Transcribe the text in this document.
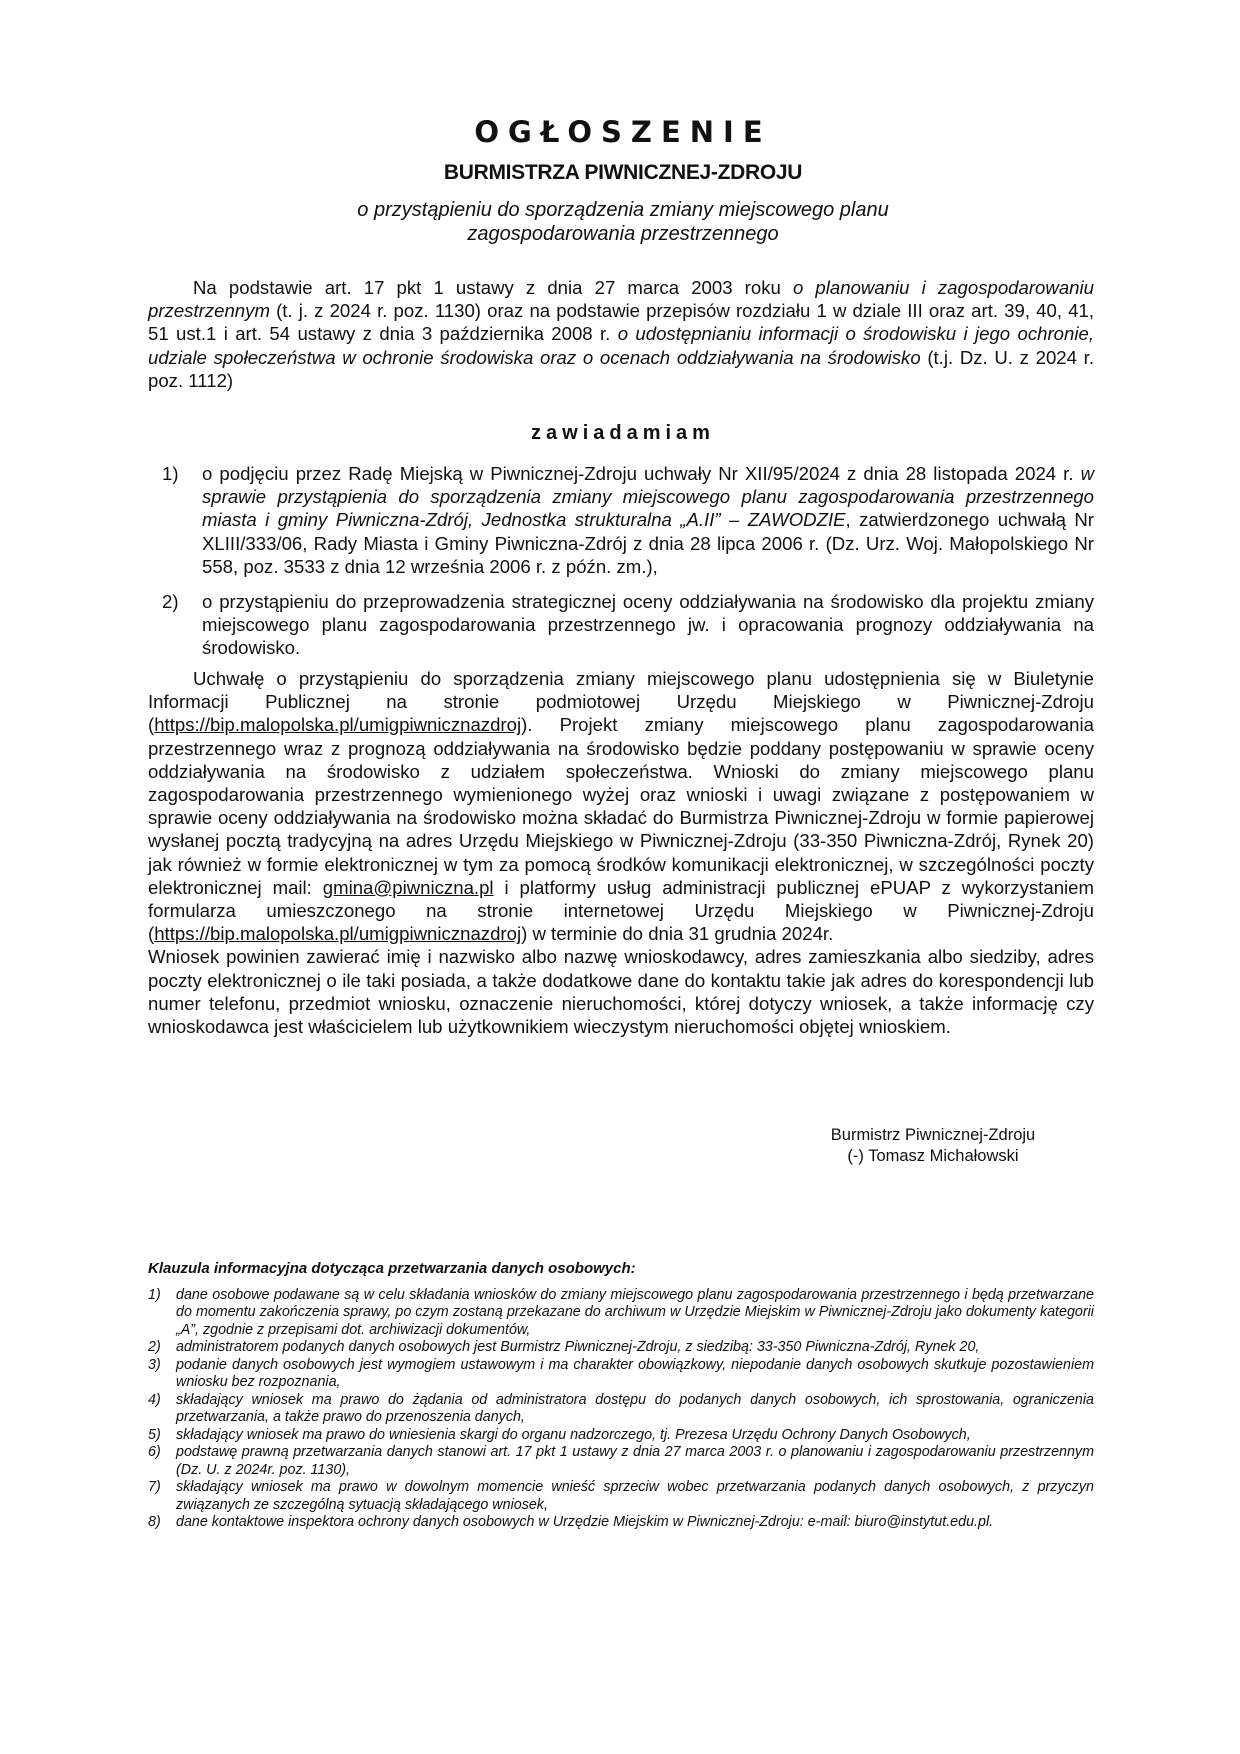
OGŁOSZENIE
BURMISTRZA PIWNICZNEJ-ZDROJU
o przystąpieniu do sporządzenia zmiany miejscowego planu
zagospodarowania przestrzennego
Na podstawie art. 17 pkt 1 ustawy z dnia 27 marca 2003 roku o planowaniu i zagospodarowaniu przestrzennym (t. j. z 2024 r. poz. 1130) oraz na podstawie przepisów rozdziału 1 w dziale III oraz art. 39, 40, 41, 51 ust.1 i art. 54 ustawy z dnia 3 października 2008 r. o udostępnianiu informacji o środowisku i jego ochronie, udziale społeczeństwa w ochronie środowiska oraz o ocenach oddziaływania na środowisko (t.j. Dz. U. z 2024 r. poz. 1112)
zawiadamiam
1)	o podjęciu przez Radę Miejską w Piwnicznej-Zdroju uchwały Nr XII/95/2024 z dnia 28 listopada 2024 r. w sprawie przystąpienia do sporządzenia zmiany miejscowego planu zagospodarowania przestrzennego miasta i gminy Piwniczna-Zdrój, Jednostka strukturalna „A.II” – ZAWODZIE, zatwierdzonego uchwałą Nr XLIII/333/06, Rady Miasta i Gminy Piwniczna-Zdrój z dnia 28 lipca 2006 r. (Dz. Urz. Woj. Małopolskiego Nr 558, poz. 3533 z dnia 12 września 2006 r. z późn. zm.),
2)	o przystąpieniu do przeprowadzenia strategicznej oceny oddziaływania na środowisko dla projektu zmiany miejscowego planu zagospodarowania przestrzennego jw. i opracowania prognozy oddziaływania na środowisko.
Uchwałę o przystąpieniu do sporządzenia zmiany miejscowego planu udostępnienia się w Biuletynie Informacji Publicznej na stronie podmiotowej Urzędu Miejskiego w Piwnicznej-Zdroju (https://bip.malopolska.pl/umigpiwnicznazdroj). Projekt zmiany miejscowego planu zagospodarowania przestrzennego wraz z prognozą oddziaływania na środowisko będzie poddany postępowaniu w sprawie oceny oddziaływania na środowisko z udziałem społeczeństwa. Wnioski do zmiany miejscowego planu zagospodarowania przestrzennego wymienionego wyżej oraz wnioski i uwagi związane z postępowaniem w sprawie oceny oddziaływania na środowisko można składać do Burmistrza Piwnicznej-Zdroju w formie papierowej wysłanej pocztą tradycyjną na adres Urzędu Miejskiego w Piwnicznej-Zdroju (33-350 Piwniczna-Zdrój, Rynek 20) jak również w formie elektronicznej w tym za pomocą środków komunikacji elektronicznej, w szczególności poczty elektronicznej mail: gmina@piwniczna.pl i platformy usług administracji publicznej ePUAP z wykorzystaniem formularza umieszczonego na stronie internetowej Urzędu Miejskiego w Piwnicznej-Zdroju (https://bip.malopolska.pl/umigpiwnicznazdroj) w terminie do dnia 31 grudnia 2024r.
Wniosek powinien zawierać imię i nazwisko albo nazwę wnioskodawcy, adres zamieszkania albo siedziby, adres poczty elektronicznej o ile taki posiada, a także dodatkowe dane do kontaktu takie jak adres do korespondencji lub numer telefonu, przedmiot wniosku, oznaczenie nieruchomości, której dotyczy wniosek, a także informację czy wnioskodawca jest właścicielem lub użytkownikiem wieczystym nieruchomości objętej wnioskiem.
Burmistrz Piwnicznej-Zdroju
(-) Tomasz Michałowski
Klauzula informacyjna dotycząca przetwarzania danych osobowych:
1)	dane osobowe podawane są w celu składania wniosków do zmiany miejscowego planu zagospodarowania przestrzennego i będą przetwarzane do momentu zakończenia sprawy, po czym zostaną przekazane do archiwum w Urzędzie Miejskim w Piwnicznej-Zdroju jako dokumenty kategorii „A”, zgodnie z przepisami dot. archiwizacji dokumentów,
2)	administratorem podanych danych osobowych jest Burmistrz Piwnicznej-Zdroju, z siedzibą: 33-350 Piwniczna-Zdrój, Rynek 20,
3)	podanie danych osobowych jest wymogiem ustawowym i ma charakter obowiązkowy, niepodanie danych osobowych skutkuje pozostawieniem wniosku bez rozpoznania,
4)	składający wniosek ma prawo do żądania od administratora dostępu do podanych danych osobowych, ich sprostowania, ograniczenia przetwarzania, a także prawo do przenoszenia danych,
5)	składający wniosek ma prawo do wniesienia skargi do organu nadzorczego, tj. Prezesa Urzędu Ochrony Danych Osobowych,
6)	podstawę prawną przetwarzania danych stanowi art. 17 pkt 1 ustawy z dnia 27 marca 2003 r. o planowaniu i zagospodarowaniu przestrzennym (Dz. U. z 2024r. poz. 1130),
7)	składający wniosek ma prawo w dowolnym momencie wnieść sprzeciw wobec przetwarzania podanych danych osobowych, z przyczyn związanych ze szczególną sytuacją składającego wniosek,
8)	dane kontaktowe inspektora ochrony danych osobowych w Urzędzie Miejskim w Piwnicznej-Zdroju: e-mail: biuro@instytut.edu.pl.
